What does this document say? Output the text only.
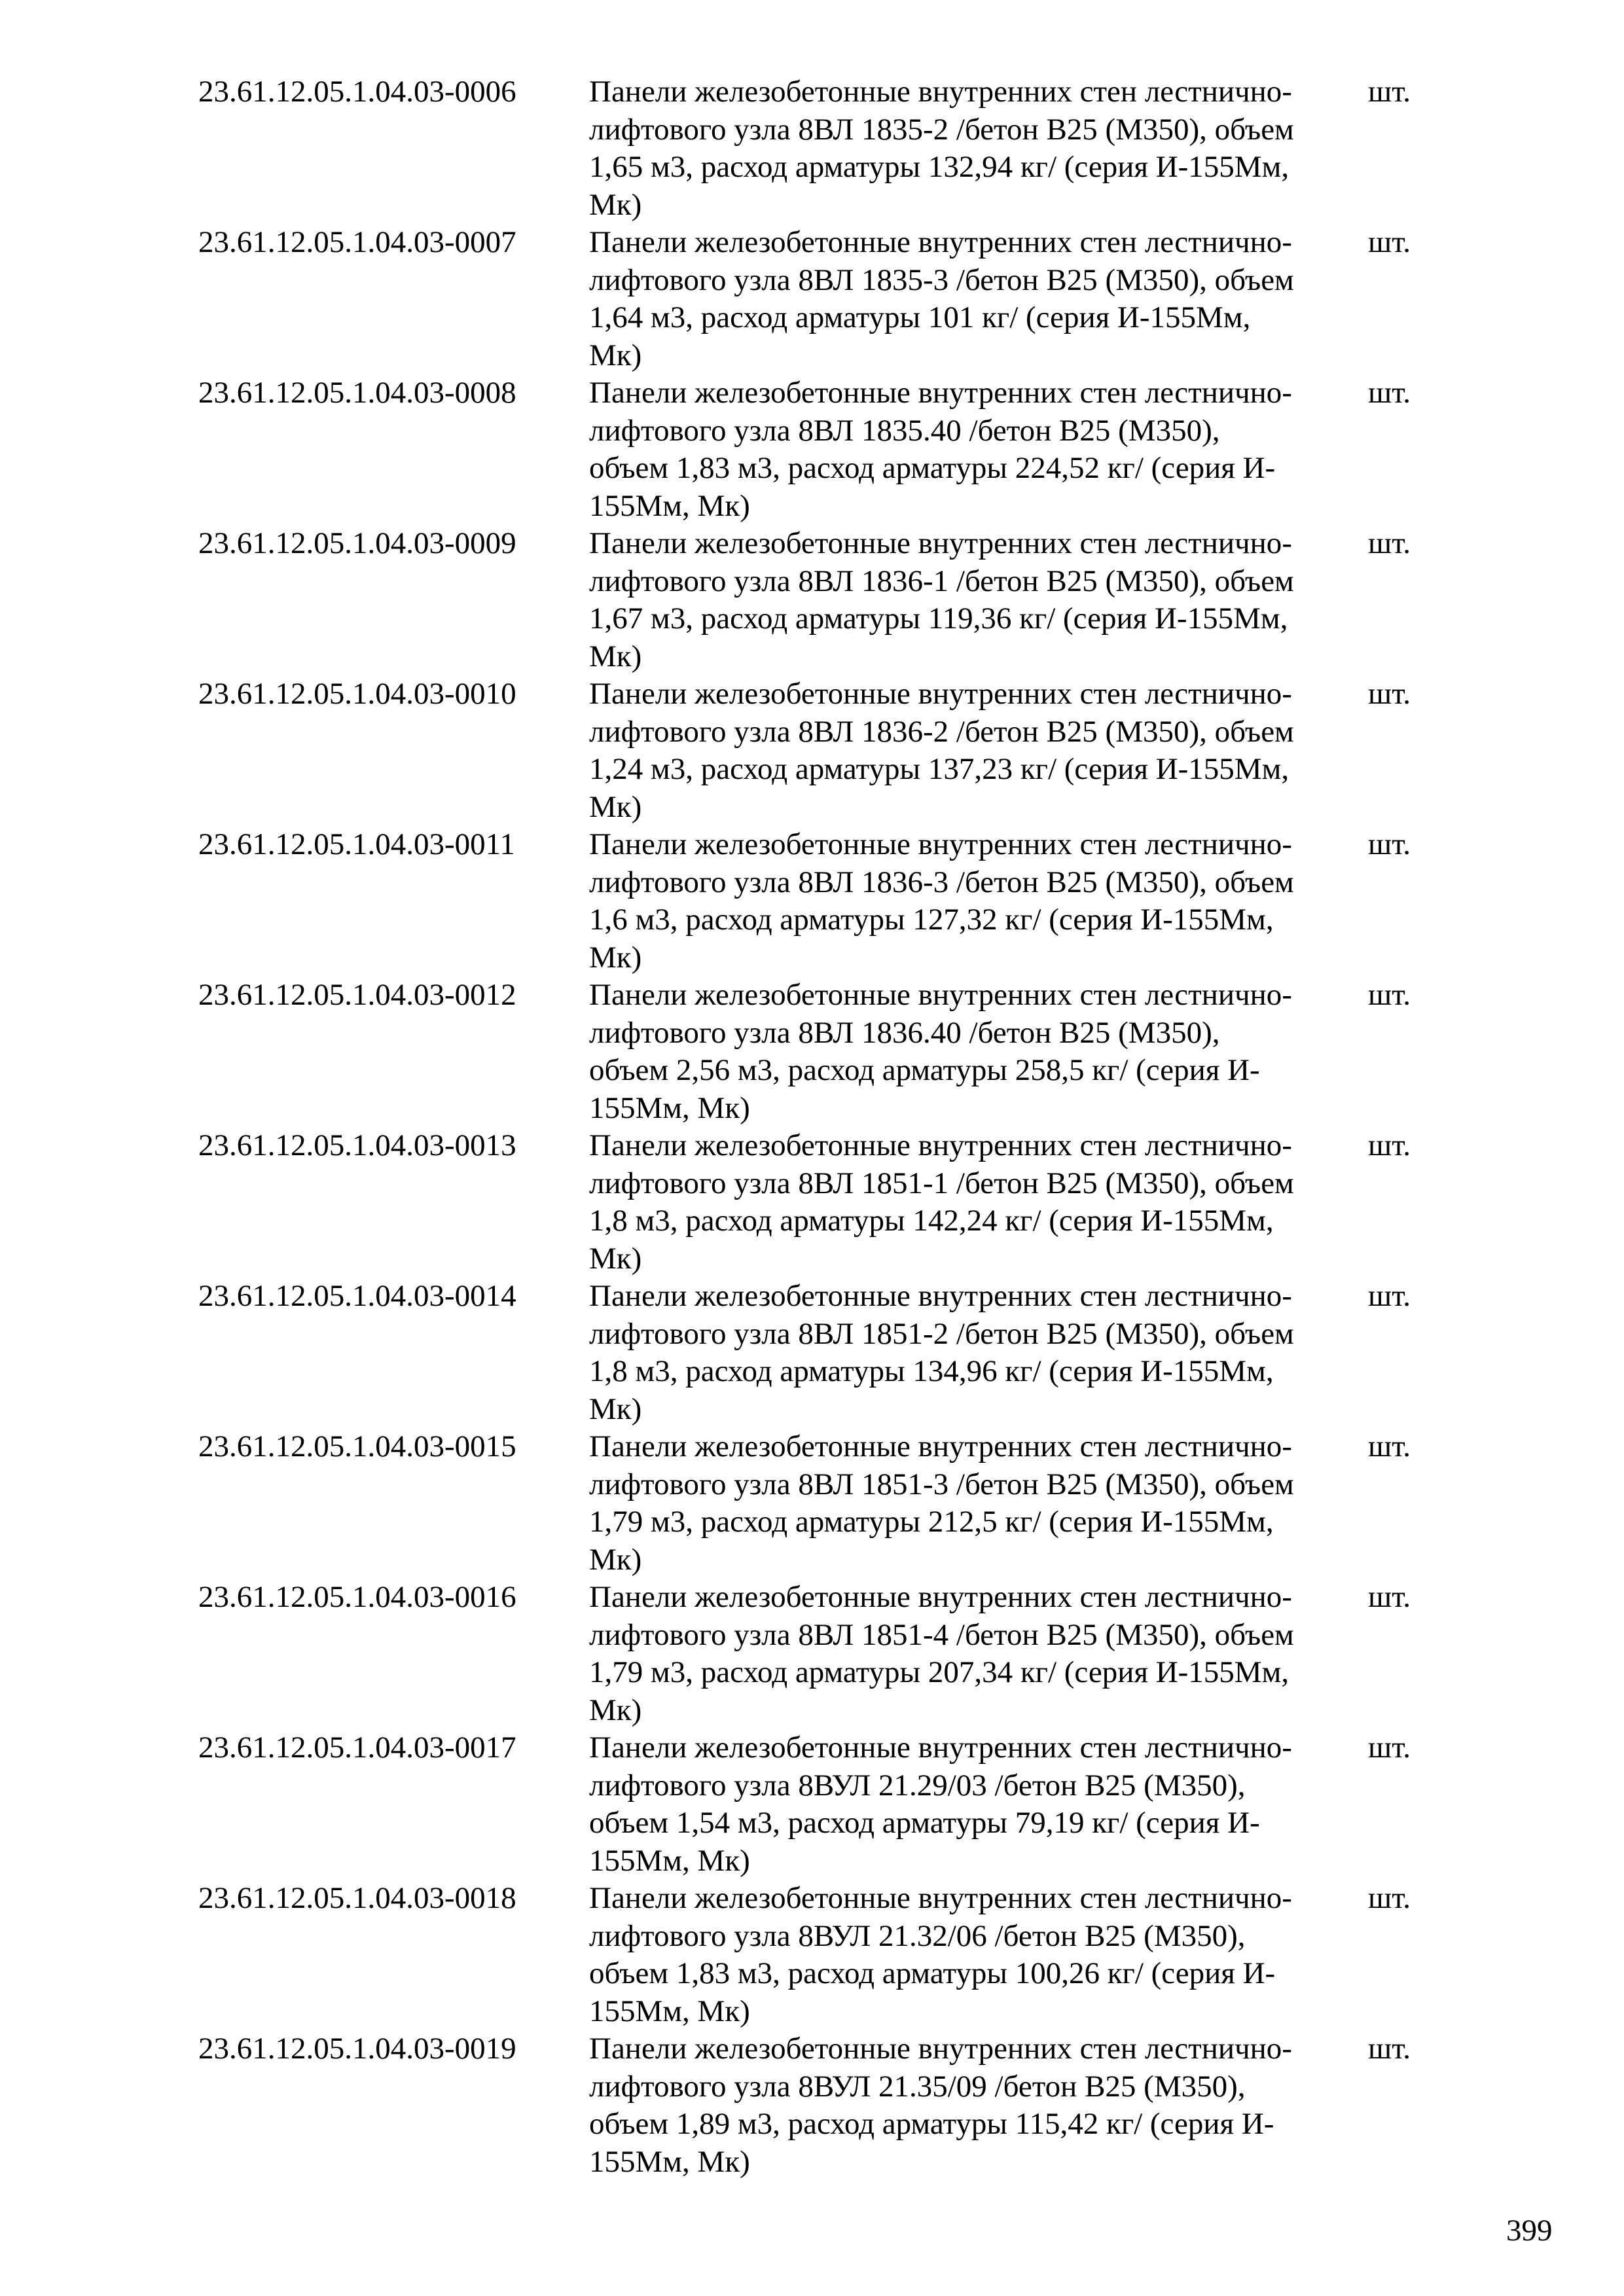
23.61.12.05.1.04.03-0006	Панели железобетонные внутренних стен лестнично-
лифтового узла 8ВЛ 1835-2 /бетон В25 (М350), объем
1,65 м3, расход арматуры 132,94 кг/ (серия И-155Мм,
Мк)
шт.
23.61.12.05.1.04.03-0007	Панели железобетонные внутренних стен лестнично-
лифтового узла 8ВЛ 1835-3 /бетон В25 (М350), объем
1,64 м3, расход арматуры 101 кг/ (серия И-155Мм,
Мк)
шт.
23.61.12.05.1.04.03-0008	Панели железобетонные внутренних стен лестнично-
лифтового узла 8ВЛ 1835.40 /бетон В25 (М350),
объем 1,83 м3, расход арматуры 224,52 кг/ (серия И-
155Мм, Мк)
шт.
23.61.12.05.1.04.03-0009	Панели железобетонные внутренних стен лестнично-
лифтового узла 8ВЛ 1836-1 /бетон В25 (М350), объем
1,67 м3, расход арматуры 119,36 кг/ (серия И-155Мм,
Мк)
шт.
23.61.12.05.1.04.03-0010	Панели железобетонные внутренних стен лестнично-
лифтового узла 8ВЛ 1836-2 /бетон В25 (М350), объем
1,24 м3, расход арматуры 137,23 кг/ (серия И-155Мм,
Мк)
шт.
23.61.12.05.1.04.03-0011	Панели железобетонные внутренних стен лестнично-
лифтового узла 8ВЛ 1836-3 /бетон В25 (М350), объем
1,6 м3, расход арматуры 127,32 кг/ (серия И-155Мм,
Мк)
шт.
23.61.12.05.1.04.03-0012	Панели железобетонные внутренних стен лестнично-
лифтового узла 8ВЛ 1836.40 /бетон В25 (М350),
объем 2,56 м3, расход арматуры 258,5 кг/ (серия И-
155Мм, Мк)
шт.
23.61.12.05.1.04.03-0013	Панели железобетонные внутренних стен лестнично-
лифтового узла 8ВЛ 1851-1 /бетон В25 (М350), объем
1,8 м3, расход арматуры 142,24 кг/ (серия И-155Мм,
Мк)
шт.
23.61.12.05.1.04.03-0014	Панели железобетонные внутренних стен лестнично-
лифтового узла 8ВЛ 1851-2 /бетон В25 (М350), объем
1,8 м3, расход арматуры 134,96 кг/ (серия И-155Мм,
Мк)
шт.
23.61.12.05.1.04.03-0015	Панели железобетонные внутренних стен лестнично-
лифтового узла 8ВЛ 1851-3 /бетон В25 (М350), объем
1,79 м3, расход арматуры 212,5 кг/ (серия И-155Мм,
Мк)
шт.
23.61.12.05.1.04.03-0016	Панели железобетонные внутренних стен лестнично-
лифтового узла 8ВЛ 1851-4 /бетон В25 (М350), объем
1,79 м3, расход арматуры 207,34 кг/ (серия И-155Мм,
Мк)
шт.
23.61.12.05.1.04.03-0017	Панели железобетонные внутренних стен лестнично-
лифтового узла 8ВУЛ 21.29/03 /бетон В25 (М350),
объем 1,54 м3, расход арматуры 79,19 кг/ (серия И-
155Мм, Мк)
шт.
23.61.12.05.1.04.03-0018	Панели железобетонные внутренних стен лестнично-
лифтового узла 8ВУЛ 21.32/06 /бетон В25 (М350),
объем 1,83 м3, расход арматуры 100,26 кг/ (серия И-
155Мм, Мк)
шт.
23.61.12.05.1.04.03-0019	Панели железобетонные внутренних стен лестнично-
лифтового узла 8ВУЛ 21.35/09 /бетон В25 (М350),
объем 1,89 м3, расход арматуры 115,42 кг/ (серия И-
155Мм, Мк)
шт.
399
